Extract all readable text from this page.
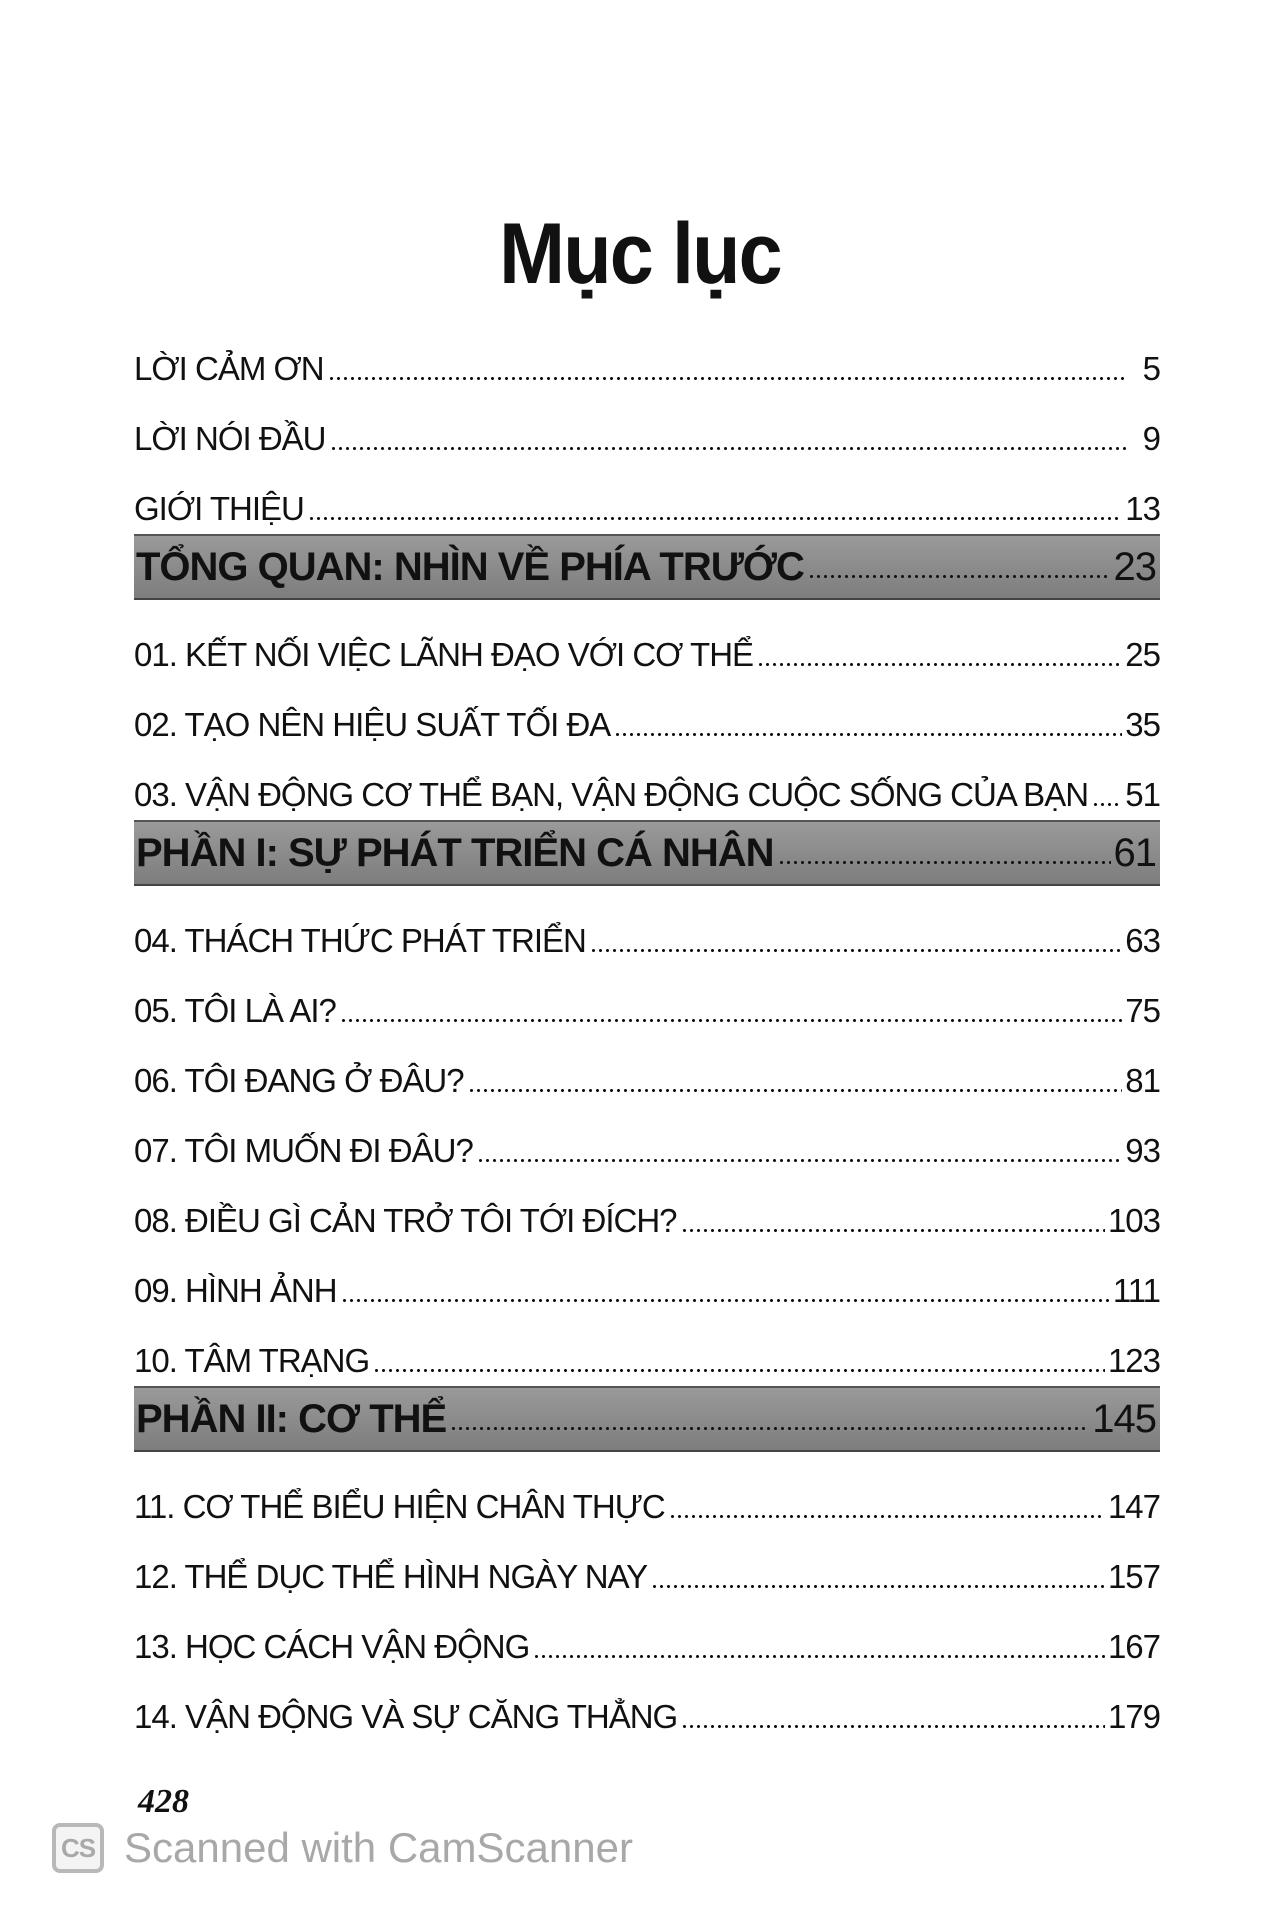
Mục lục
LỜI CẢM ƠN	5
LỜI NÓI ĐẦU	9
GIỚI THIỆU	13
TỔNG QUAN: NHÌN VỀ PHÍA TRƯỚC	23
01. KẾT NỐI VIỆC LÃNH ĐẠO VỚI CƠ THỂ	25
02. TẠO NÊN HIỆU SUẤT TỐI ĐA	35
03. VẬN ĐỘNG CƠ THỂ BẠN, VẬN ĐỘNG CUỘC SỐNG CỦA BẠN 51
PHẦN I: SỰ PHÁT TRIỂN CÁ NHÂN	61
04. THÁCH THỨC PHÁT TRIỂN	63
05. TÔI LÀ AI?	75
06. TÔI ĐANG Ở ĐÂU?	81
07. TÔI MUỐN ĐI ĐÂU?	93
08. ĐIỀU GÌ CẢN TRỞ TÔI TỚI ĐÍCH?	103
09. HÌNH ẢNH	111
10. TÂM TRẠNG	123
PHẦN II: CƠ THỂ	145
11. CƠ THỂ BIỂU HIỆN CHÂN THỰC	147
12. THỂ DỤC THỂ HÌNH NGÀY NAY	157
13. HỌC CÁCH VẬN ĐỘNG	167
14. VẬN ĐỘNG VÀ SỰ CĂNG THẲNG	179
428
CS Scanned with CamScanner
